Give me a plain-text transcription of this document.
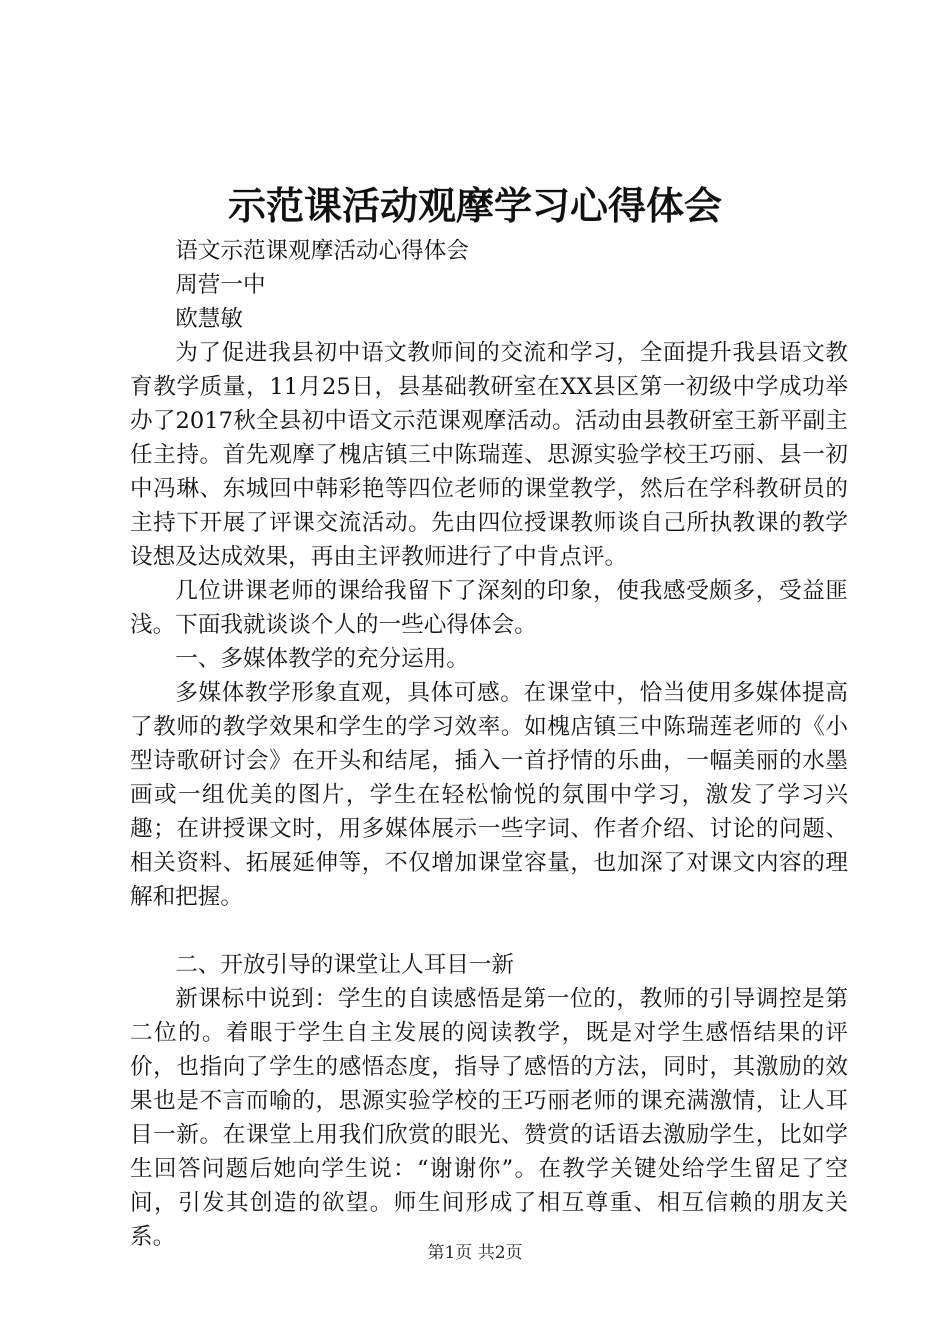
示范课活动观摩学习心得体会

语文示范课观摩活动心得体会

周营一中

欧慧敏

为了促进我县初中语文教师间的交流和学习，全面提升我县语文教育教学质量，11月25日，县基础教研室在XX县区第一初级中学成功举办了2017秋全县初中语文示范课观摩活动。活动由县教研室王新平副主任主持。首先观摩了槐店镇三中陈瑞莲、思源实验学校王巧丽、县一初中冯琳、东城回中韩彩艳等四位老师的课堂教学，然后在学科教研员的主持下开展了评课交流活动。先由四位授课教师谈自己所执教课的教学设想及达成效果，再由主评教师进行了中肯点评。

几位讲课老师的课给我留下了深刻的印象，使我感受颇多，受益匪浅。下面我就谈谈个人的一些心得体会。

一、多媒体教学的充分运用。

多媒体教学形象直观，具体可感。在课堂中，恰当使用多媒体提高了教师的教学效果和学生的学习效率。如槐店镇三中陈瑞莲老师的《小型诗歌研讨会》在开头和结尾，插入一首抒情的乐曲，一幅美丽的水墨画或一组优美的图片，学生在轻松愉悦的氛围中学习，激发了学习兴趣；在讲授课文时，用多媒体展示一些字词、作者介绍、讨论的问题、相关资料、拓展延伸等，不仅增加课堂容量，也加深了对课文内容的理解和把握。

二、开放引导的课堂让人耳目一新

新课标中说到：学生的自读感悟是第一位的，教师的引导调控是第二位的。着眼于学生自主发展的阅读教学，既是对学生感悟结果的评价，也指向了学生的感悟态度，指导了感悟的方法，同时，其激励的效果也是不言而喻的，思源实验学校的王巧丽老师的课充满激情，让人耳目一新。在课堂上用我们欣赏的眼光、赞赏的话语去激励学生，比如学生回答问题后她向学生说：“谢谢你”。在教学关键处给学生留足了空间，引发其创造的欲望。师生间形成了相互尊重、相互信赖的朋友关系。

第1页 共2页
